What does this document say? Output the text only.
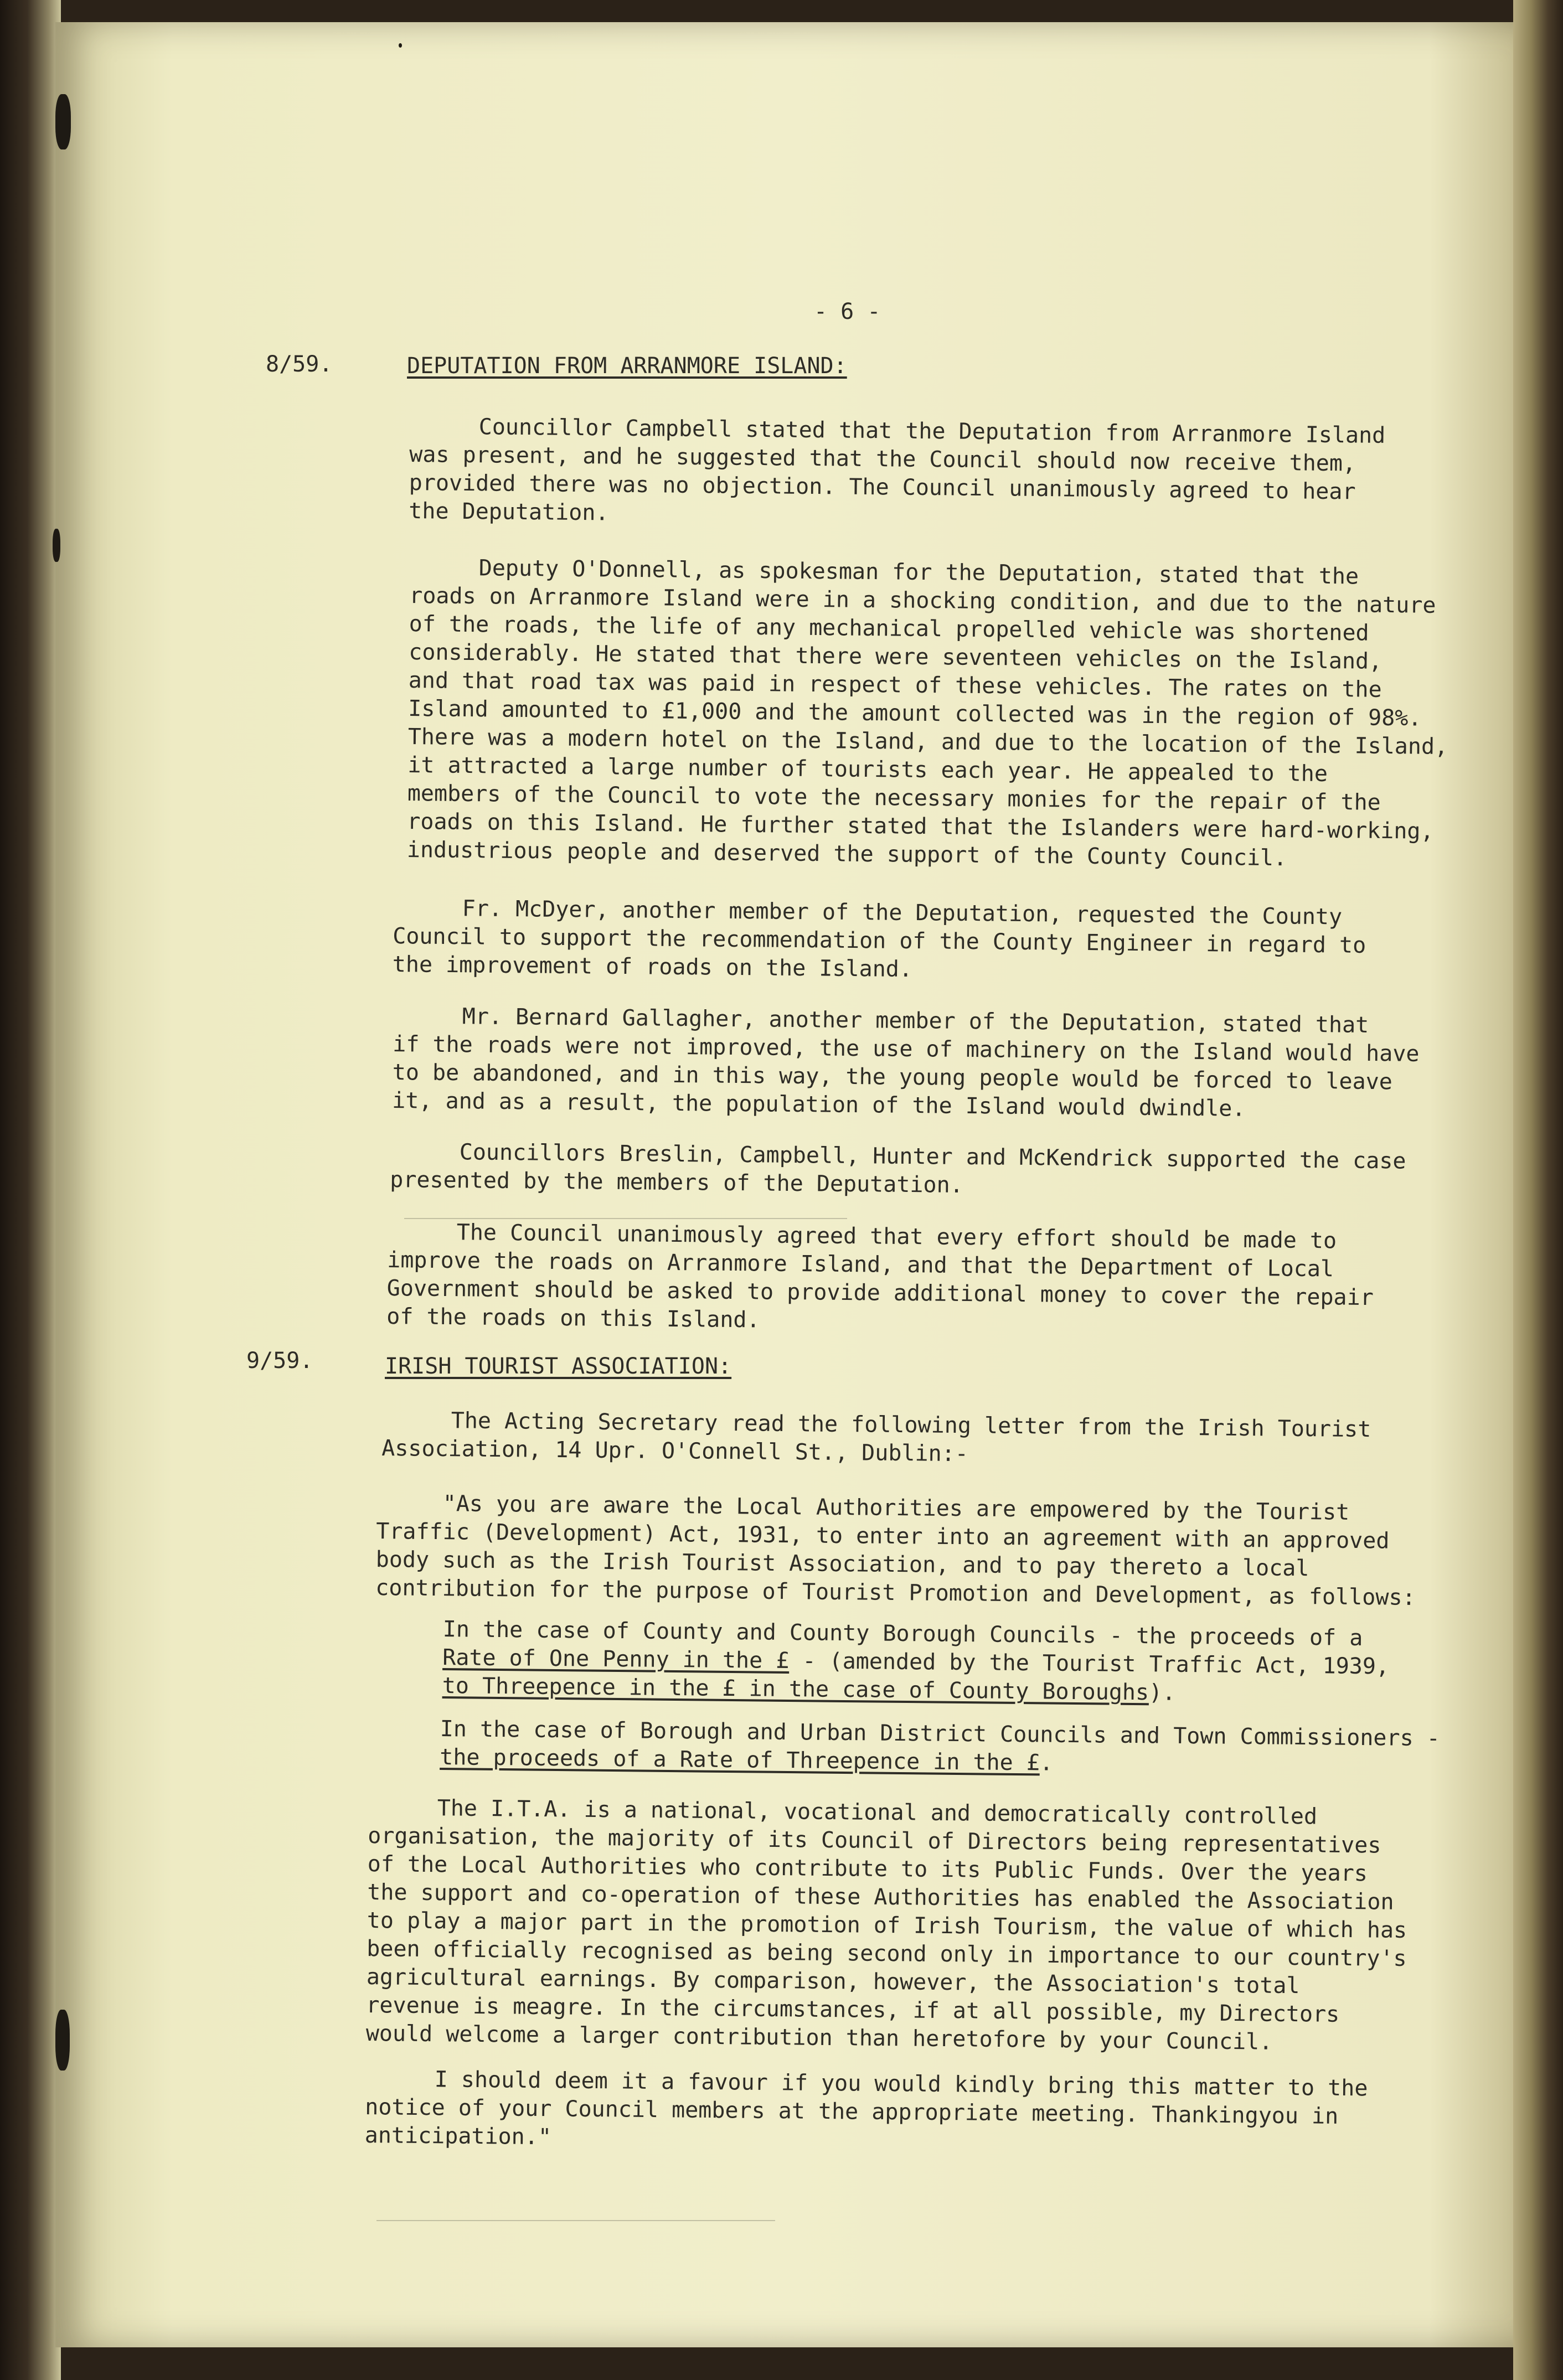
- 6 -
8/59.	DEPUTATION FROM ARRANMORE ISLAND:
Councillor Campbell stated that the Deputation from Arranmore Island
was present, and he suggested that the Council should now receive them,
provided there was no objection. The Council unanimously agreed to hear
the Deputation.
Deputy O'Donnell, as spokesman for the Deputation, stated that the
roads on Arranmore Island were in a shocking condition, and due to the nature
of the roads, the life of any mechanical propelled vehicle was shortened
considerably. He stated that there were seventeen vehicles on the Island,
and that road tax was paid in respect of these vehicles. The rates on the
Island amounted to £1,000 and the amount collected was in the region of 98%.
There was a modern hotel on the Island, and due to the location of the Island,
it attracted a large number of tourists each year. He appealed to the
members of the Council to vote the necessary monies for the repair of the
roads on this Island. He further stated that the Islanders were hard-working,
industrious people and deserved the support of the County Council.
Fr. McDyer, another member of the Deputation, requested the County
Council to support the recommendation of the County Engineer in regard to
the improvement of roads on the Island.
Mr. Bernard Gallagher, another member of the Deputation, stated that
if the roads were not improved, the use of machinery on the Island would have
to be abandoned, and in this way, the young people would be forced to leave
it, and as a result, the population of the Island would dwindle.
Councillors Breslin, Campbell, Hunter and McKendrick supported the case
presented by the members of the Deputation.
The Council unanimously agreed that every effort should be made to
improve the roads on Arranmore Island, and that the Department of Local
Government should be asked to provide additional money to cover the repair
of the roads on this Island.
9/59.	IRISH TOURIST ASSOCIATION:
The Acting Secretary read the following letter from the Irish Tourist
Association, 14 Upr. O'Connell St., Dublin:-
"As you are aware the Local Authorities are empowered by the Tourist
Traffic (Development) Act, 1931, to enter into an agreement with an approved
body such as the Irish Tourist Association, and to pay thereto a local
contribution for the purpose of Tourist Promotion and Development, as follows:
In the case of County and County Borough Councils - the proceeds of a
Rate of One Penny in the £ - (amended by the Tourist Traffic Act, 1939,
to Threepence in the £ in the case of County Boroughs).
In the case of Borough and Urban District Councils and Town Commissioners -
the proceeds of a Rate of Threepence in the £.
The I.T.A. is a national, vocational and democratically controlled
organisation, the majority of its Council of Directors being representatives
of the Local Authorities who contribute to its Public Funds. Over the years
the support and co-operation of these Authorities has enabled the Association
to play a major part in the promotion of Irish Tourism, the value of which has
been officially recognised as being second only in importance to our country's
agricultural earnings. By comparison, however, the Association's total
revenue is meagre. In the circumstances, if at all possible, my Directors
would welcome a larger contribution than heretofore by your Council.
I should deem it a favour if you would kindly bring this matter to the
notice of your Council members at the appropriate meeting. Thankingyou in
anticipation."
